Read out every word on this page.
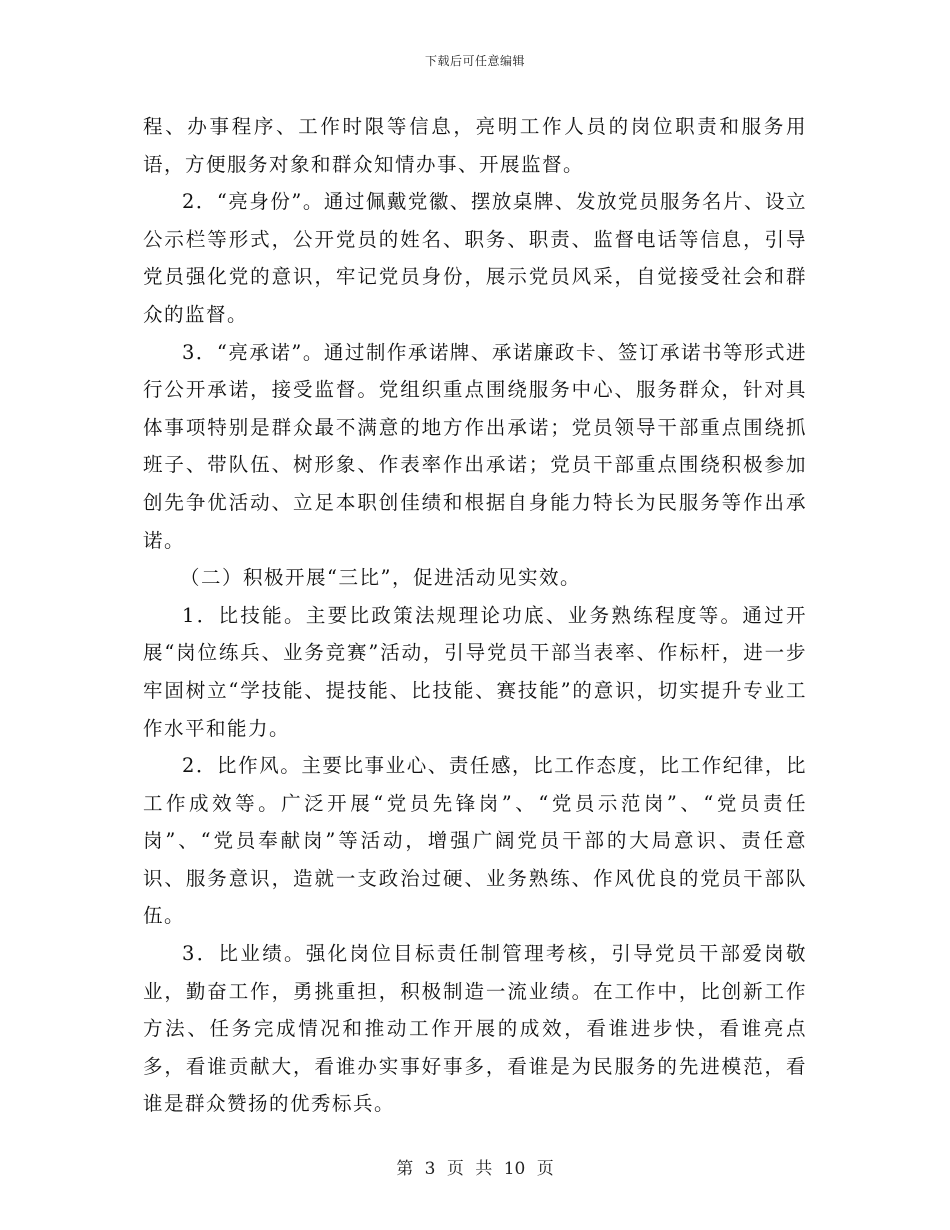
下载后可任意编辑

程、办事程序、工作时限等信息，亮明工作人员的岗位职责和服务用语，方便服务对象和群众知情办事、开展监督。

2．“亮身份”。通过佩戴党徽、摆放桌牌、发放党员服务名片、设立公示栏等形式，公开党员的姓名、职务、职责、监督电话等信息，引导党员强化党的意识，牢记党员身份，展示党员风采，自觉接受社会和群众的监督。

3．“亮承诺”。通过制作承诺牌、承诺廉政卡、签订承诺书等形式进行公开承诺，接受监督。党组织重点围绕服务中心、服务群众，针对具体事项特别是群众最不满意的地方作出承诺；党员领导干部重点围绕抓班子、带队伍、树形象、作表率作出承诺；党员干部重点围绕积极参加创先争优活动、立足本职创佳绩和根据自身能力特长为民服务等作出承诺。

（二）积极开展“三比”，促进活动见实效。

1．比技能。主要比政策法规理论功底、业务熟练程度等。通过开展“岗位练兵、业务竞赛”活动，引导党员干部当表率、作标杆，进一步牢固树立“学技能、提技能、比技能、赛技能”的意识，切实提升专业工作水平和能力。

2．比作风。主要比事业心、责任感，比工作态度，比工作纪律，比工作成效等。广泛开展“党员先锋岗”、“党员示范岗”、“党员责任岗”、“党员奉献岗”等活动，增强广阔党员干部的大局意识、责任意识、服务意识，造就一支政治过硬、业务熟练、作风优良的党员干部队伍。

3．比业绩。强化岗位目标责任制管理考核，引导党员干部爱岗敬业，勤奋工作，勇挑重担，积极制造一流业绩。在工作中，比创新工作方法、任务完成情况和推动工作开展的成效，看谁进步快，看谁亮点多，看谁贡献大，看谁办实事好事多，看谁是为民服务的先进模范，看谁是群众赞扬的优秀标兵。

第 3 页 共 10 页
